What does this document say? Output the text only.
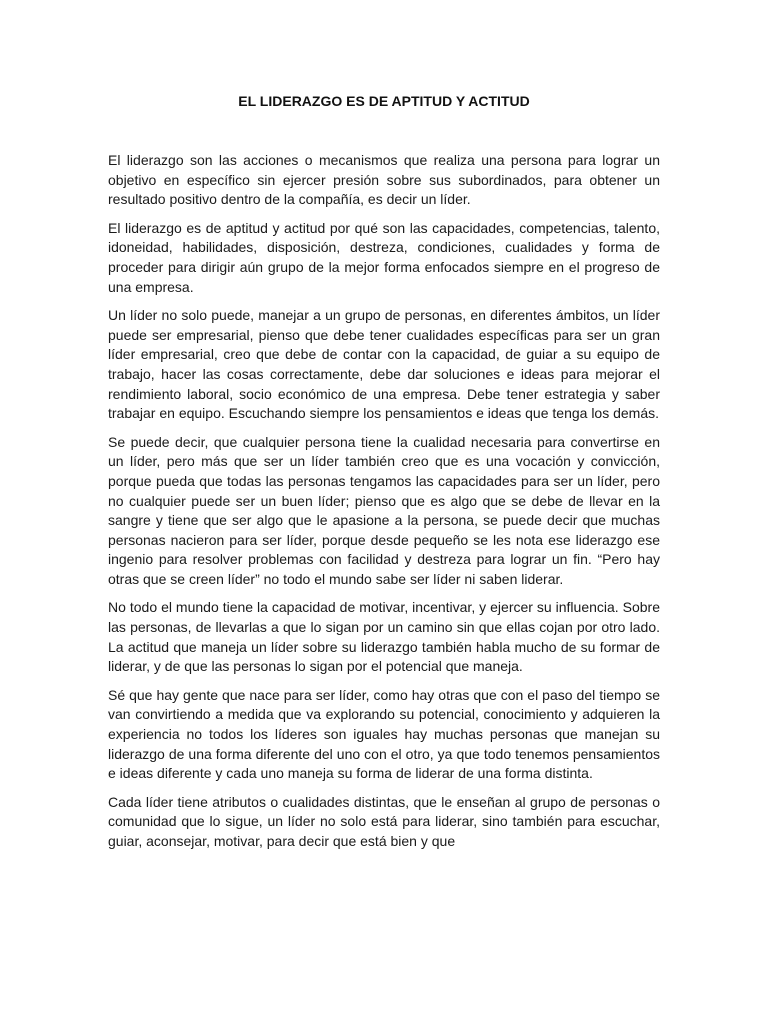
EL LIDERAZGO ES DE APTITUD Y ACTITUD

El liderazgo son las acciones o mecanismos que realiza una persona para lograr un objetivo en específico sin ejercer presión sobre sus subordinados, para obtener un resultado positivo dentro de la compañía, es decir un líder.

El liderazgo es de aptitud y actitud por qué son las capacidades, competencias, talento, idoneidad, habilidades, disposición, destreza, condiciones, cualidades y forma de proceder para dirigir aún grupo de la mejor forma enfocados siempre en el progreso de una empresa.

Un líder no solo puede, manejar a un grupo de personas, en diferentes ámbitos, un líder puede ser empresarial, pienso que debe tener cualidades específicas para ser un gran líder empresarial, creo que debe de contar con la capacidad, de guiar a su equipo de trabajo, hacer las cosas correctamente, debe dar soluciones e ideas para mejorar el rendimiento laboral, socio económico de una empresa. Debe tener estrategia y saber trabajar en equipo. Escuchando siempre los pensamientos e ideas que tenga los demás.

Se puede decir, que cualquier persona tiene la cualidad necesaria para convertirse en un líder, pero más que ser un líder también creo que es una vocación y convicción, porque pueda que todas las personas tengamos las capacidades para ser un líder, pero no cualquier puede ser un buen líder; pienso que es algo que se debe de llevar en la sangre y tiene que ser algo que le apasione a la persona, se puede decir que muchas personas nacieron para ser líder, porque desde pequeño se les nota ese liderazgo ese ingenio para resolver problemas con facilidad y destreza para lograr un fin. “Pero hay otras que se creen líder” no todo el mundo sabe ser líder ni saben liderar.

No todo el mundo tiene la capacidad de motivar, incentivar, y ejercer su influencia. Sobre las personas, de llevarlas a que lo sigan por un camino sin que ellas cojan por otro lado. La actitud que maneja un líder sobre su liderazgo también habla mucho de su formar de liderar, y de que las personas lo sigan por el potencial que maneja.

Sé que hay gente que nace para ser líder, como hay otras que con el paso del tiempo se van convirtiendo a medida que va explorando su potencial, conocimiento y adquieren la experiencia no todos los líderes son iguales hay muchas personas que manejan su liderazgo de una forma diferente del uno con el otro, ya que todo tenemos pensamientos e ideas diferente y cada uno maneja su forma de liderar de una forma distinta.

Cada líder tiene atributos o cualidades distintas, que le enseñan al grupo de personas o comunidad que lo sigue, un líder no solo está para liderar, sino también para escuchar, guiar, aconsejar, motivar, para decir que está bien y que
